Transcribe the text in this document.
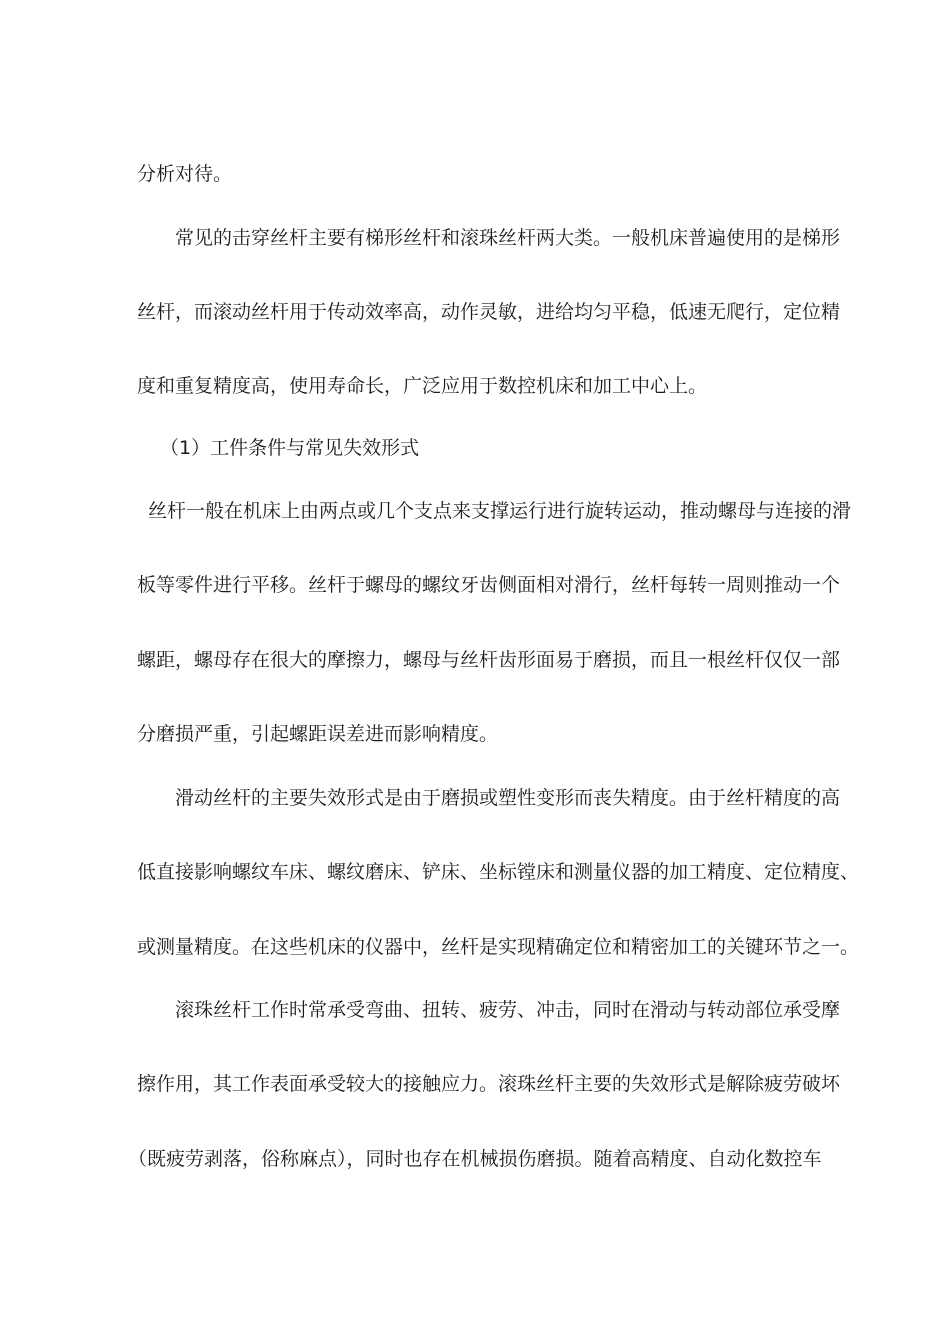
分析对待。
常见的击穿丝杆主要有梯形丝杆和滚珠丝杆两大类。一般机床普遍使用的是梯形
丝杆，而滚动丝杆用于传动效率高，动作灵敏，进给均匀平稳，低速无爬行，定位精
度和重复精度高，使用寿命长，广泛应用于数控机床和加工中心上。
（1）工件条件与常见失效形式
丝杆一般在机床上由两点或几个支点来支撑运行进行旋转运动，推动螺母与连接的滑
板等零件进行平移。丝杆于螺母的螺纹牙齿侧面相对滑行，丝杆每转一周则推动一个
螺距，螺母存在很大的摩擦力，螺母与丝杆齿形面易于磨损，而且一根丝杆仅仅一部
分磨损严重，引起螺距误差进而影响精度。
滑动丝杆的主要失效形式是由于磨损或塑性变形而丧失精度。由于丝杆精度的高
低直接影响螺纹车床、螺纹磨床、铲床、坐标镗床和测量仪器的加工精度、定位精度、
或测量精度。在这些机床的仪器中，丝杆是实现精确定位和精密加工的关键环节之一。
滚珠丝杆工作时常承受弯曲、扭转、疲劳、冲击，同时在滑动与转动部位承受摩
擦作用，其工作表面承受较大的接触应力。滚珠丝杆主要的失效形式是解除疲劳破坏
（既疲劳剥落，俗称麻点），同时也存在机械损伤磨损。随着高精度、自动化数控车
